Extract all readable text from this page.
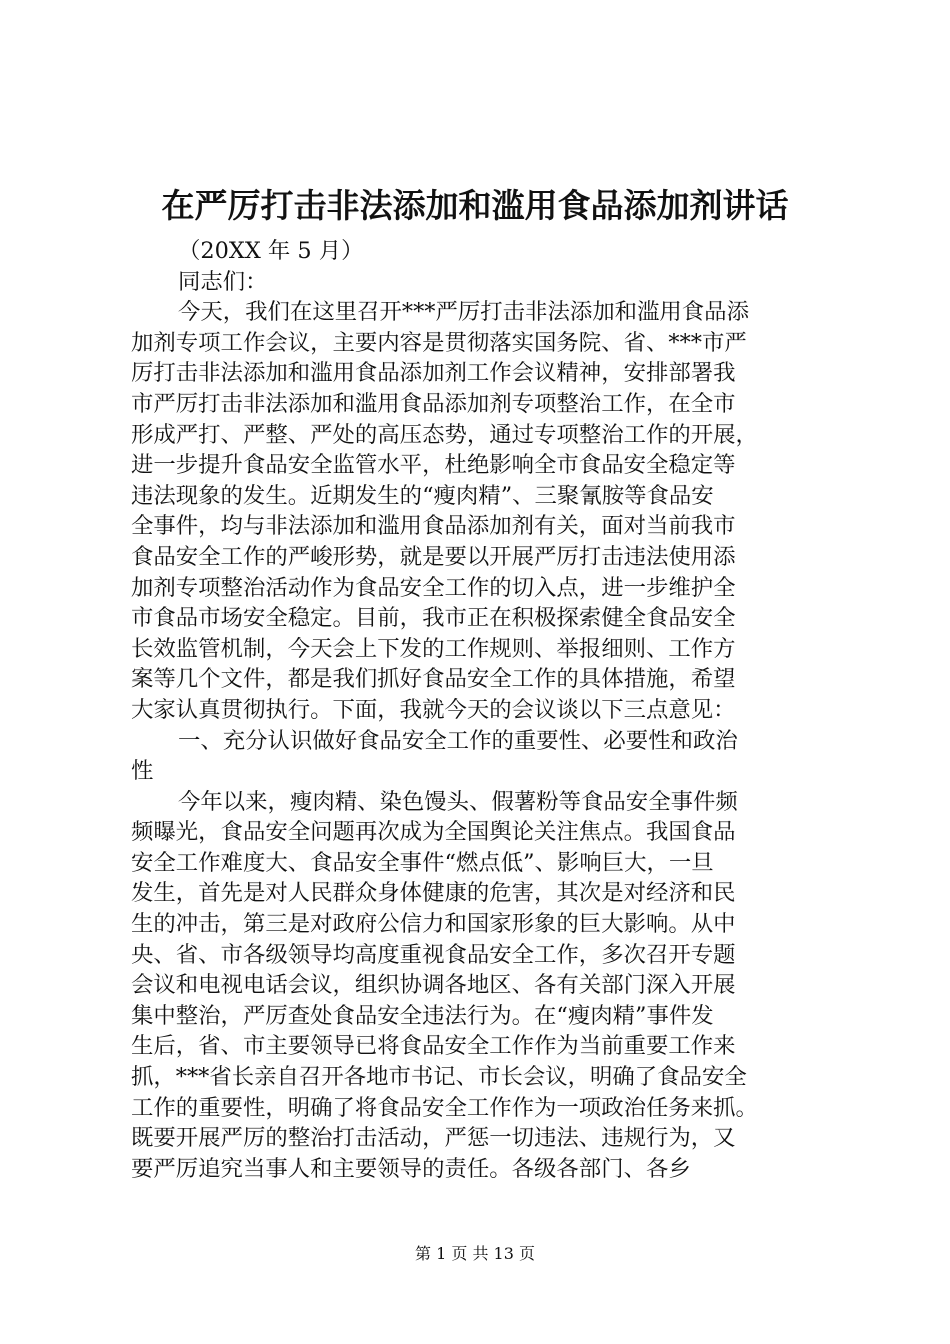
在严厉打击非法添加和滥用食品添加剂讲话
（20XX 年 5 月）
同志们：
今天，我们在这里召开***严厉打击非法添加和滥用食品添
加剂专项工作会议，主要内容是贯彻落实国务院、省、***市严
厉打击非法添加和滥用食品添加剂工作会议精神，安排部署我
市严厉打击非法添加和滥用食品添加剂专项整治工作，在全市
形成严打、严整、严处的高压态势，通过专项整治工作的开展，
进一步提升食品安全监管水平，杜绝影响全市食品安全稳定等
违法现象的发生。近期发生的“瘦肉精”、三聚氰胺等食品安
全事件，均与非法添加和滥用食品添加剂有关，面对当前我市
食品安全工作的严峻形势，就是要以开展严厉打击违法使用添
加剂专项整治活动作为食品安全工作的切入点，进一步维护全
市食品市场安全稳定。目前，我市正在积极探索健全食品安全
长效监管机制，今天会上下发的工作规则、举报细则、工作方
案等几个文件，都是我们抓好食品安全工作的具体措施，希望
大家认真贯彻执行。下面，我就今天的会议谈以下三点意见：
一、充分认识做好食品安全工作的重要性、必要性和政治
性
今年以来，瘦肉精、染色馒头、假薯粉等食品安全事件频
频曝光，食品安全问题再次成为全国舆论关注焦点。我国食品
安全工作难度大、食品安全事件“燃点低”、影响巨大，一旦
发生，首先是对人民群众身体健康的危害，其次是对经济和民
生的冲击，第三是对政府公信力和国家形象的巨大影响。从中
央、省、市各级领导均高度重视食品安全工作，多次召开专题
会议和电视电话会议，组织协调各地区、各有关部门深入开展
集中整治，严厉查处食品安全违法行为。在“瘦肉精”事件发
生后，省、市主要领导已将食品安全工作作为当前重要工作来
抓，***省长亲自召开各地市书记、市长会议，明确了食品安全
工作的重要性，明确了将食品安全工作作为一项政治任务来抓。
既要开展严厉的整治打击活动，严惩一切违法、违规行为，又
要严厉追究当事人和主要领导的责任。各级各部门、各乡
第 1 页 共 13 页
